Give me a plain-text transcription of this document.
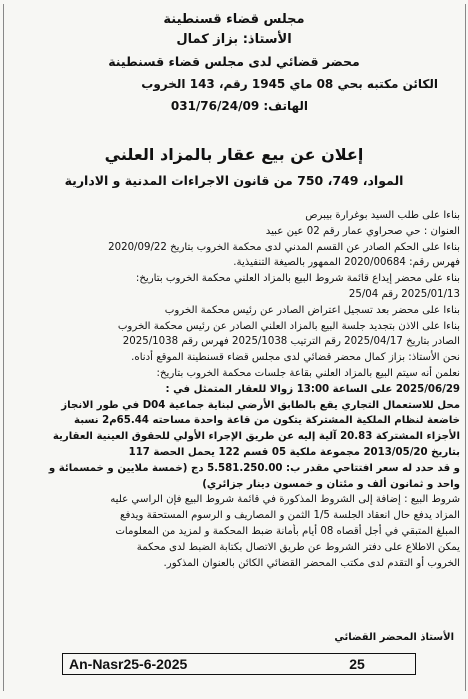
مجلس قضاء قسنطينة
الأستاذ: بزاز كمال
محضر قضائي لدى مجلس قضاء قسنطينة
الكائن مكتبه بحي 08 ماي 1945 رقم، 143 الخروب
الهاتف: 031/76/24/09
إعلان عن بيع عقار بالمزاد العلني
المواد، 749، 750 من قانون الاجراءات المدنية و الادارية
بناءا على طلب السيد بوغرارة بيبرص
العنوان : حي صحراوي عمار رقم 02 عين عبيد
بناءا على الحكم الصادر عن القسم المدني لدى محكمة الخروب بتاريخ 2020/09/22
فهرس رقم: 2020/00684 الممهور بالصيغة التنفيذية.
بناء على محضر إيداع قائمة شروط البيع بالمزاد العلني محكمة الخروب بتاريخ:
2025/01/13 رقم 25/04
بناءا على محضر بعد تسجيل اعتراض الصادر عن رئيس محكمة الخروب
بناءا على الاذن بتجديد جلسة البيع بالمزاد العلني الصادر عن رئيس محكمة الخروب
الصادر بتاريخ 2025/04/17 رقم الترتيب 2025/1038 فهرس رقم 2025/1038
نحن الأستاذ: بزاز كمال محضر قضائي لدى مجلس قضاء قسنطينة الموقع أدناه.
نعلمن أنه سيتم البيع بالمزاد العلني بقاعة جلسات محكمة الخروب بتاريخ:
2025/06/29 على الساعة 13:00 زوالا للعقار المتمثل في :
محل للاستعمال التجاري يقع بالطابق الأرضي لبناية جماعية D04 في طور الانجاز
خاضعة لنظام الملكية المشتركة يتكون من قاعة واحدة مساحته 65.44م2 نسبة
الأجزاء المشتركة 20.83 آلية إليه عن طريق الإجراء الأولي للحقوق العينية العقارية
بتاريخ 2013/05/20 مجموعة ملكية 05 قسم 122 يحمل الحصة 117
و قد حدد له سعر افتتاحي مقدر ب: 5.581.250.00 دج (خمسة ملايين و خمسمائة و
واحد و ثمانون ألف و مئتان و خمسون دينار جزائري)
شروط البيع : إضافة إلى الشروط المذكورة في قائمة شروط البيع فإن الراسي عليه
المزاد يدفع حال انعقاد الجلسة 1/5 الثمن و المصاريف و الرسوم المستحقة ويدفع
المبلغ المتبقي في أجل أقصاه 08 أيام بأمانة ضبط المحكمة و لمزيد من المعلومات
يمكن الاطلاع على دفتر الشروط عن طريق الاتصال بكتابة الضبط لدى محكمة
الخروب أو التقدم لدى مكتب المحضر القضائي الكائن بالعنوان المذكور.
الأستاذ المحضر القضائي
An-Nasr25-6-2025	25
